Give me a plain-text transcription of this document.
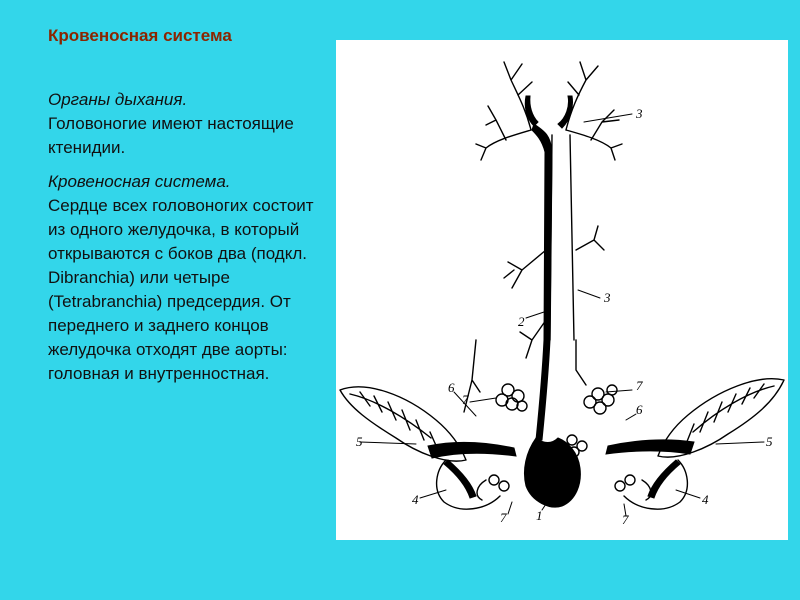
Кровеносная система

Органы дыхания.
Головоногие имеют настоящие ктенидии.

Кровеносная система.
Сердце всех головоногих состоит из одного желудочка, в который открываются с боков два (подкл. Dibranchia) или четыре (Tetrabranchia) предсердия. От переднего и заднего концов желудочка отходят две аорты: головная и внутренностная.

3
3
2
6
6
7
7
5	5
4	4
7	7
1
